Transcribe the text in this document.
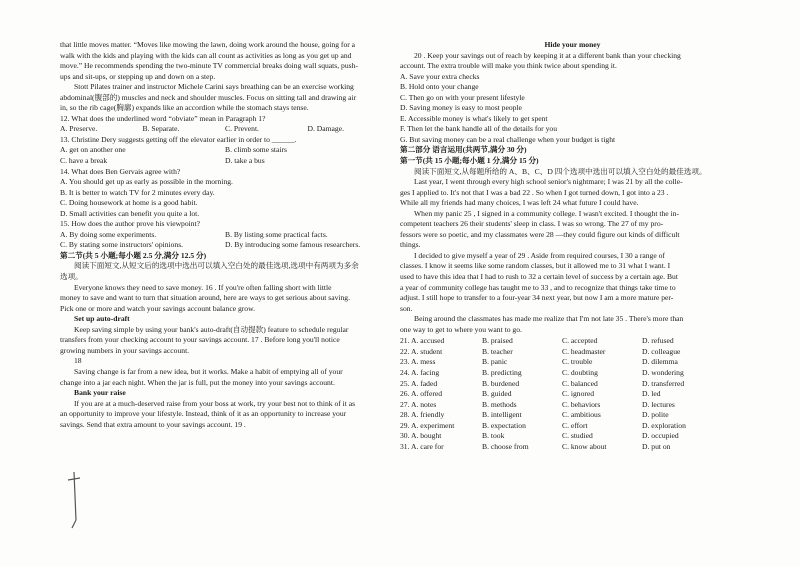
that little moves matter. “Moves like mowing the lawn, doing work around the house, going for a
walk with the kids and playing with the kids can all count as activities as long as you get up and
move.” He recommends spending the two-minute TV commercial breaks doing wall squats, push-
ups and sit-ups, or stepping up and down on a step.
Stott Pilates trainer and instructor Michele Carini says breathing can be an exercise working
abdominal(腹部的) muscles and neck and shoulder muscles. Focus on sitting tall and drawing air
in, so the rib cage(胸廓) expands like an accordion while the stomach stays tense.
12. What does the underlined word “obviate” mean in Paragraph 1?
A. Preserve.	B. Separate.	C. Prevent.	D. Damage.
13. Christine Dery suggests getting off the elevator earlier in order to ______.
A. get on another one	B. climb some stairs
C. have a break	D. take a bus
14. What does Ben Gervais agree with?
A. You should get up as early as possible in the morning.
B. It is better to watch TV for 2 minutes every day.
C. Doing housework at home is a good habit.
D. Small activities can benefit you quite a lot.
15. How does the author prove his viewpoint?
A. By doing some experiments.	B. By listing some practical facts.
C. By stating some instructors' opinions.	D. By introducing some famous researchers.
第二节(共 5 小题;每小题 2.5 分,满分 12.5 分)
阅读下面短文,从短文后的选项中选出可以填入空白处的最佳选项,选项中有两项为多余
选项。
Everyone knows they need to save money. 16 . If you're often falling short with little
money to save and want to turn that situation around, here are ways to get serious about saving.
Pick one or more and watch your savings account balance grow.
Set up auto-draft
Keep saving simple by using your bank's auto-draft(自动提款) feature to schedule regular
transfers from your checking account to your savings account. 17 . Before long you'll notice
growing numbers in your savings account.
18
Saving change is far from a new idea, but it works. Make a habit of emptying all of your
change into a jar each night. When the jar is full, put the money into your savings account.
Bank your raise
If you are at a much-deserved raise from your boss at work, try your best not to think of it as
an opportunity to improve your lifestyle. Instead, think of it as an opportunity to increase your
savings. Send that extra amount to your savings account. 19 .
Hide your money
20 . Keep your savings out of reach by keeping it at a different bank than your checking
account. The extra trouble will make you think twice about spending it.
A. Save your extra checks
B. Hold onto your change
C. Then go on with your present lifestyle
D. Saving money is easy to most people
E. Accessible money is what's likely to get spent
F. Then let the bank handle all of the details for you
G. But saving money can be a real challenge when your budget is tight
第二部分 语言运用(共两节,满分 30 分)
第一节(共 15 小题;每小题 1 分,满分 15 分)
阅读下面短文,从每题所给的 A、B、C、D 四个选项中选出可以填入空白处的最佳选项。
Last year, I went through every high school senior's nightmare; I was 21 by all the colle-
ges I applied to. It's not that I was a bad 22 . So when I got turned down, I got into a 23 .
While all my friends had many choices, I was left 24 what future I could have.
When my panic 25 , I signed in a community college. I wasn't excited. I thought the in-
competent teachers 26 their students' sleep in class. I was so wrong. The 27 of my pro-
fessors were so poetic, and my classmates were 28 —they could figure out kinds of difficult
things.
I decided to give myself a year of 29 . Aside from required courses, I 30 a range of
classes. I know it seems like some random classes, but it allowed me to 31 what I want. I
used to have this idea that I had to rush to 32 a certain level of success by a certain age. But
a year of community college has taught me to 33 , and to recognize that things take time to
adjust. I still hope to transfer to a four-year 34 next year, but now I am a more mature per-
son.
Being around the classmates has made me realize that I'm not late 35 . There's more than
one way to get to where you want to go.
21. A. accused	B. praised	C. accepted	D. refused
22. A. student	B. teacher	C. headmaster	D. colleague
23. A. mess	B. panic	C. trouble	D. dilemma
24. A. facing	B. predicting	C. doubting	D. wondering
25. A. faded	B. burdened	C. balanced	D. transferred
26. A. offered	B. guided	C. ignored	D. led
27. A. notes	B. methods	C. behaviors	D. lectures
28. A. friendly	B. intelligent	C. ambitious	D. polite
29. A. experiment	B. expectation	C. effort	D. exploration
30. A. bought	B. took	C. studied	D. occupied
31. A. care for	B. choose from	C. know about	D. put on
